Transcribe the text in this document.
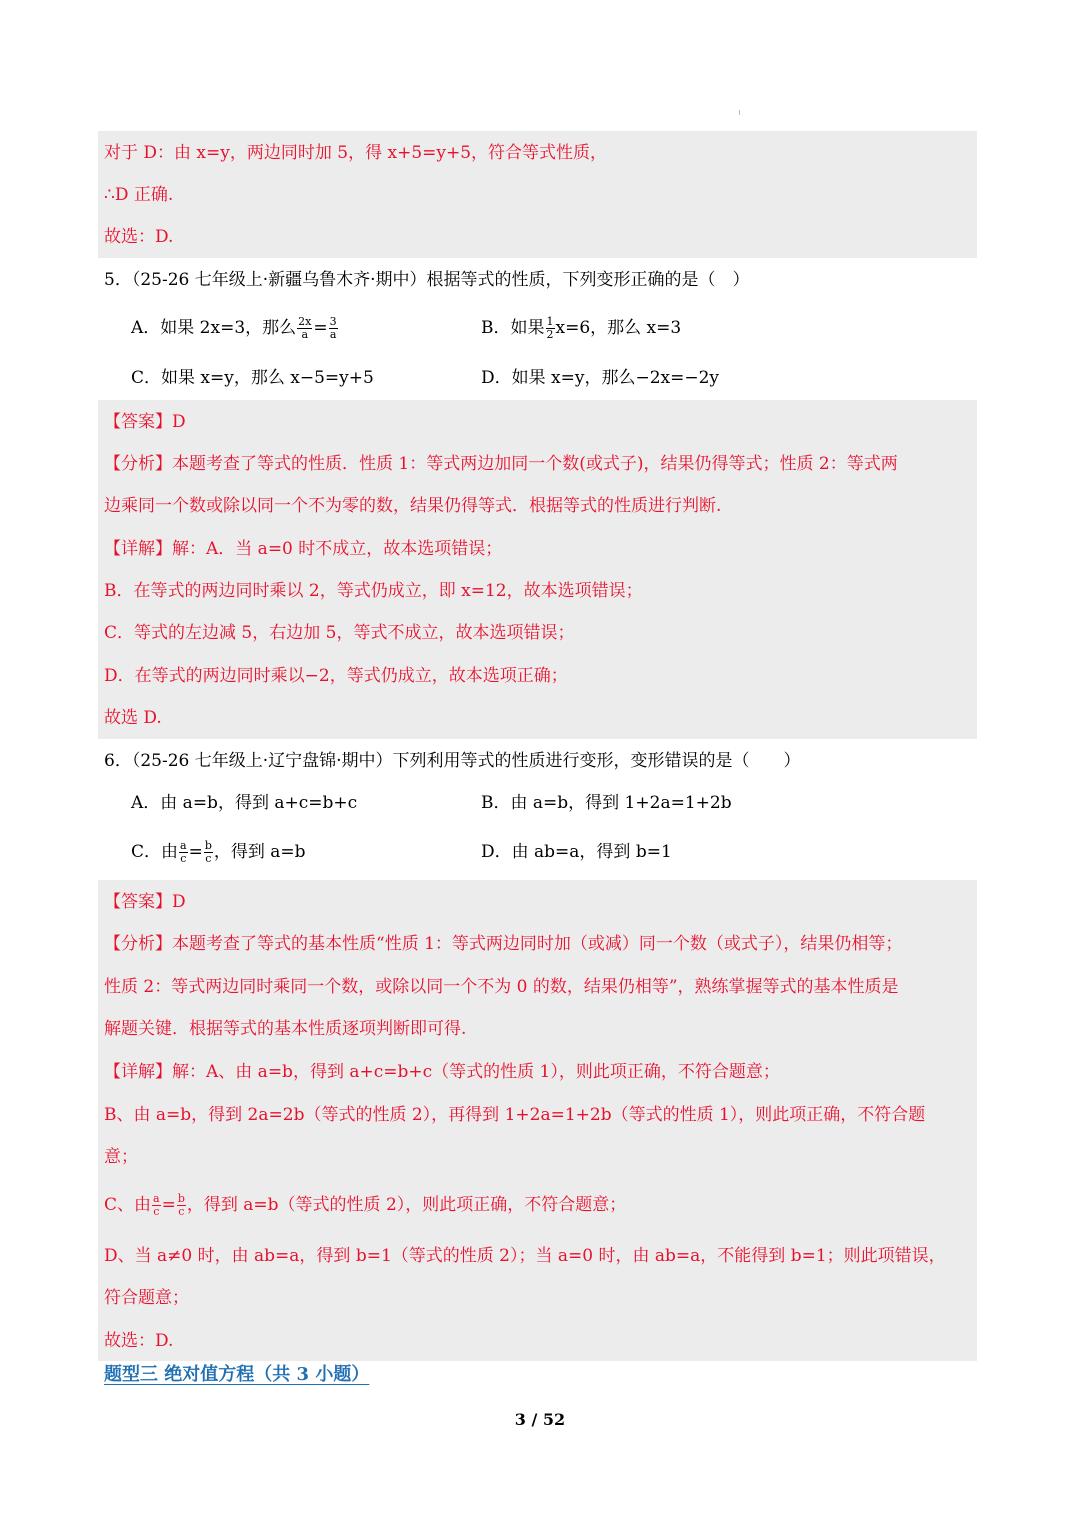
对于 D：由 x=y，两边同时加 5，得 x+5=y+5，符合等式性质，
∴D 正确.
故选：D.
5．（25-26 七年级上·新疆乌鲁木齐·期中）根据等式的性质，下列变形正确的是（　）
A．如果 2x=3，那么 $\frac{2x}{a} = \frac{3}{a}$	B．如果 $\frac{1}{2} x=6$，那么 x=3
C．如果 x=y，那么 x−5=y+5	D．如果 x=y，那么−2x=−2y
【答案】D
【分析】本题考查了等式的性质．性质 1：等式两边加同一个数(或式子)，结果仍得等式；性质 2：等式两
边乘同一个数或除以同一个不为零的数，结果仍得等式．根据等式的性质进行判断.
【详解】解：A．当 a=0 时不成立，故本选项错误；
B．在等式的两边同时乘以 2，等式仍成立，即 x=12，故本选项错误；
C．等式的左边减 5，右边加 5，等式不成立，故本选项错误；
D．在等式的两边同时乘以−2，等式仍成立，故本选项正确；
故选 D.
6．（25-26 七年级上·辽宁盘锦·期中）下列利用等式的性质进行变形，变形错误的是（　　）
A．由 a=b，得到 a+c=b+c	B．由 a=b，得到 1+2a=1+2b
C．由 $\frac{a}{c} = \frac{b}{c}$ ，得到 a=b	D．由 ab=a，得到 b=1
【答案】D
【分析】本题考查了等式的基本性质“性质 1：等式两边同时加（或减）同一个数（或式子），结果仍相等；
性质 2：等式两边同时乘同一个数，或除以同一个不为 0 的数，结果仍相等”，熟练掌握等式的基本性质是
解题关键．根据等式的基本性质逐项判断即可得.
【详解】解：A、由 a=b，得到 a+c=b+c（等式的性质 1），则此项正确，不符合题意；
B、由 a=b，得到 2a=2b（等式的性质 2），再得到 1+2a=1+2b（等式的性质 1），则此项正确，不符合题
意；
C、由 $\frac{a}{c} = \frac{b}{c}$ ，得到 a=b（等式的性质 2），则此项正确，不符合题意；
D、当 a≠0 时，由 ab=a，得到 b=1（等式的性质 2）；当 a=0 时，由 ab=a，不能得到 b=1；则此项错误，
符合题意；
故选：D.
题型三 绝对值方程（共 3 小题）
3 / 52
